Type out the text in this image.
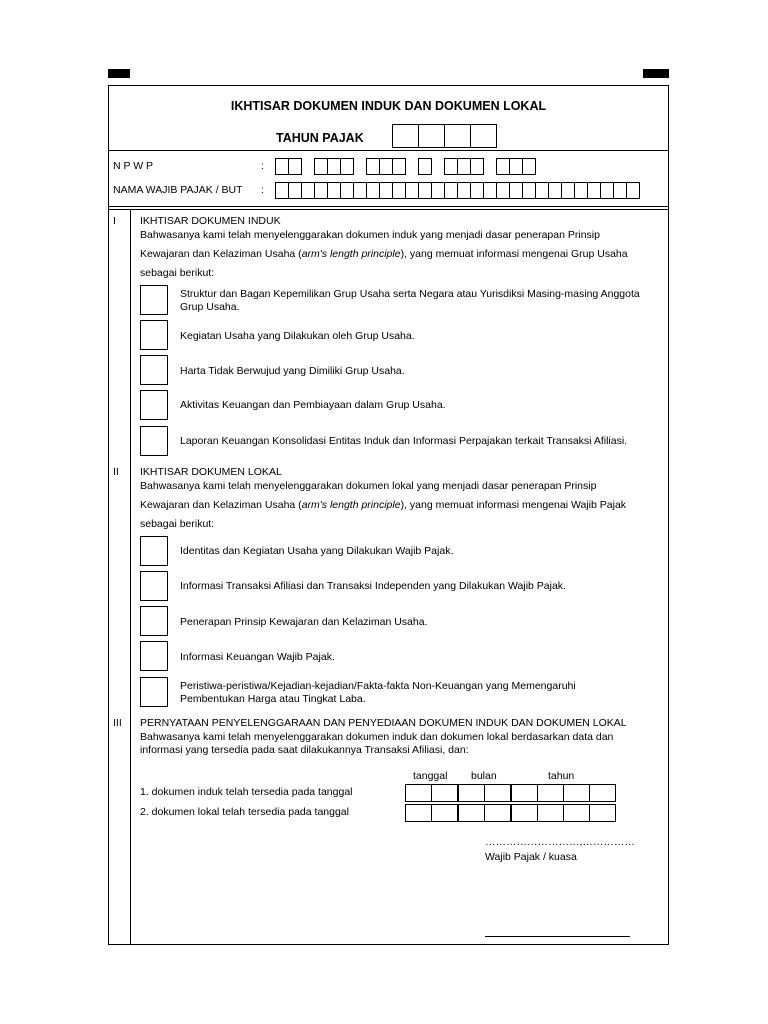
IKHTISAR DOKUMEN INDUK DAN DOKUMEN LOKAL
TAHUN PAJAK
N P W P	:
NAMA WAJIB PAJAK / BUT :
I IKHTISAR DOKUMEN INDUK
Bahwasanya kami telah menyelenggarakan dokumen induk yang menjadi dasar penerapan Prinsip
Kewajaran dan Kelaziman Usaha (arm's length principle), yang memuat informasi mengenai Grup Usaha
sebagai berikut:
Struktur dan Bagan Kepemilikan Grup Usaha serta Negara atau Yurisdiksi Masing-masing Anggota Grup Usaha.
Kegiatan Usaha yang Dilakukan oleh Grup Usaha.
Harta Tidak Berwujud yang Dimiliki Grup Usaha.
Aktivitas Keuangan dan Pembiayaan dalam Grup Usaha.
Laporan Keuangan Konsolidasi Entitas Induk dan Informasi Perpajakan terkait Transaksi Afiliasi.
II IKHTISAR DOKUMEN LOKAL
Bahwasanya kami telah menyelenggarakan dokumen lokal yang menjadi dasar penerapan Prinsip
Kewajaran dan Kelaziman Usaha (arm's length principle), yang memuat informasi mengenai Wajib Pajak
sebagai berikut:
Identitas dan Kegiatan Usaha yang Dilakukan Wajib Pajak.
Informasi Transaksi Afiliasi dan Transaksi Independen yang Dilakukan Wajib Pajak.
Penerapan Prinsip Kewajaran dan Kelaziman Usaha.
Informasi Keuangan Wajib Pajak.
Peristiwa-peristiwa/Kejadian-kejadian/Fakta-fakta Non-Keuangan yang Memengaruhi Pembentukan Harga atau Tingkat Laba.
III PERNYATAAN PENYELENGGARAAN DAN PENYEDIAAN DOKUMEN INDUK DAN DOKUMEN LOKAL
Bahwasanya kami telah menyelenggarakan dokumen induk dan dokumen lokal berdasarkan data dan
informasi yang tersedia pada saat dilakukannya Transaksi Afiliasi, dan:
tanggal bulan	tahun
1. dokumen induk telah tersedia pada tanggal
2. dokumen lokal telah tersedia pada tanggal
………………………,……………
Wajib Pajak / kuasa
